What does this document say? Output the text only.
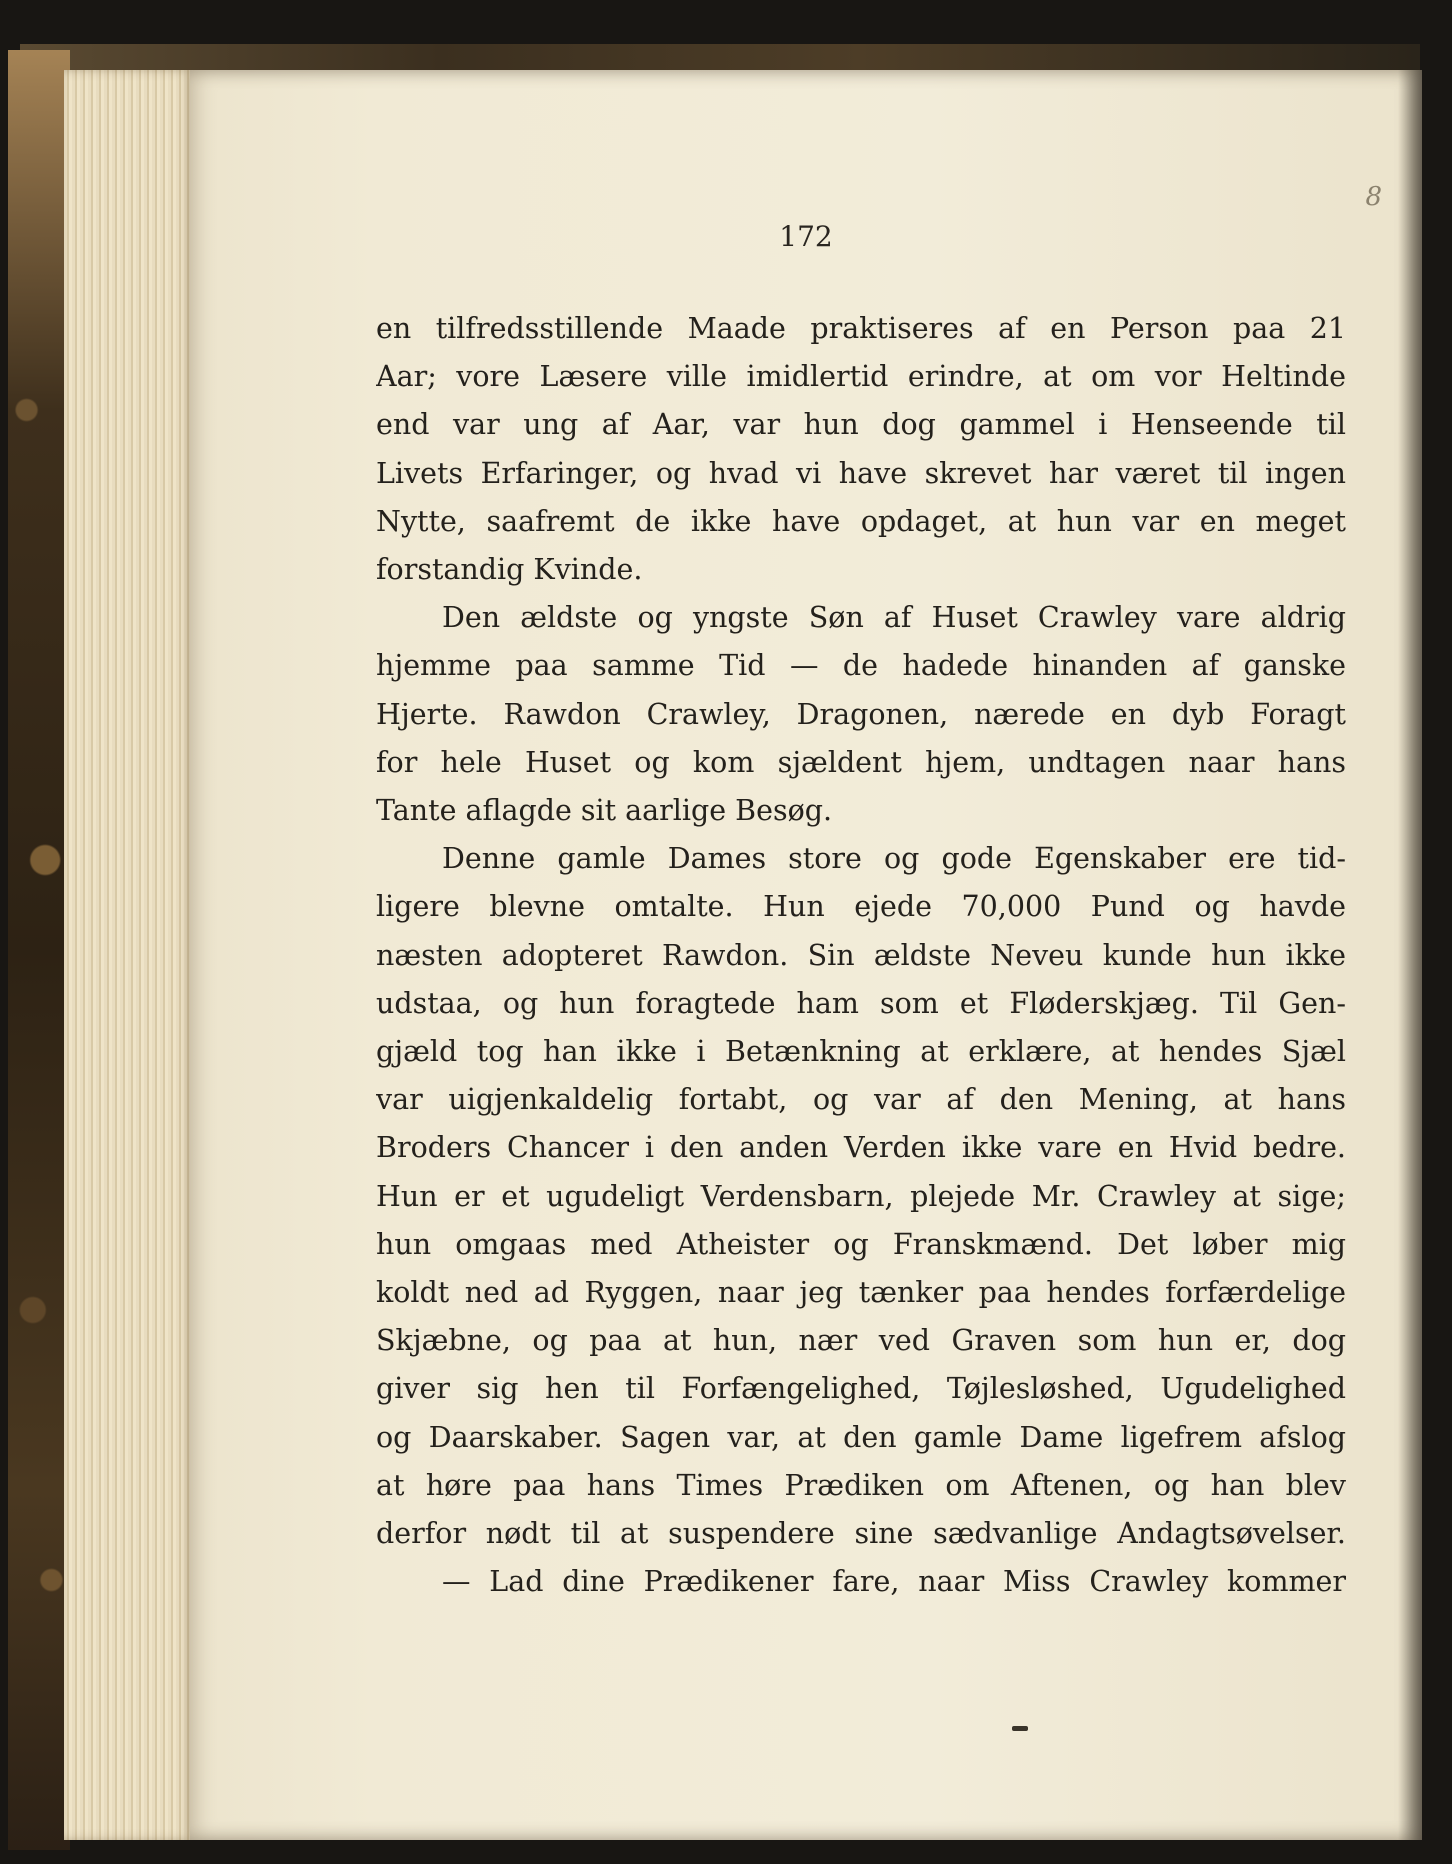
172
8
en tilfredsstillende Maade praktiseres af en Person paa 21
Aar; vore Læsere ville imidlertid erindre, at om vor Heltinde
end var ung af Aar, var hun dog gammel i Henseende til
Livets Erfaringer, og hvad vi have skrevet har været til ingen
Nytte, saafremt de ikke have opdaget, at hun var en meget
forstandig Kvinde.
Den ældste og yngste Søn af Huset Crawley vare aldrig
hjemme paa samme Tid — de hadede hinanden af ganske
Hjerte. Rawdon Crawley, Dragonen, nærede en dyb Foragt
for hele Huset og kom sjældent hjem, undtagen naar hans
Tante aflagde sit aarlige Besøg.
Denne gamle Dames store og gode Egenskaber ere tid-
ligere blevne omtalte. Hun ejede 70,000 Pund og havde
næsten adopteret Rawdon. Sin ældste Neveu kunde hun ikke
udstaa, og hun foragtede ham som et Fløderskjæg. Til Gen-
gjæld tog han ikke i Betænkning at erklære, at hendes Sjæl
var uigjenkaldelig fortabt, og var af den Mening, at hans
Broders Chancer i den anden Verden ikke vare en Hvid bedre.
Hun er et ugudeligt Verdensbarn, plejede Mr. Crawley at sige;
hun omgaas med Atheister og Franskmænd. Det løber mig
koldt ned ad Ryggen, naar jeg tænker paa hendes forfærdelige
Skjæbne, og paa at hun, nær ved Graven som hun er, dog
giver sig hen til Forfængelighed, Tøjlesløshed, Ugudelighed
og Daarskaber. Sagen var, at den gamle Dame ligefrem afslog
at høre paa hans Times Prædiken om Aftenen, og han blev
derfor nødt til at suspendere sine sædvanlige Andagtsøvelser.
— Lad dine Prædikener fare, naar Miss Crawley kommer
